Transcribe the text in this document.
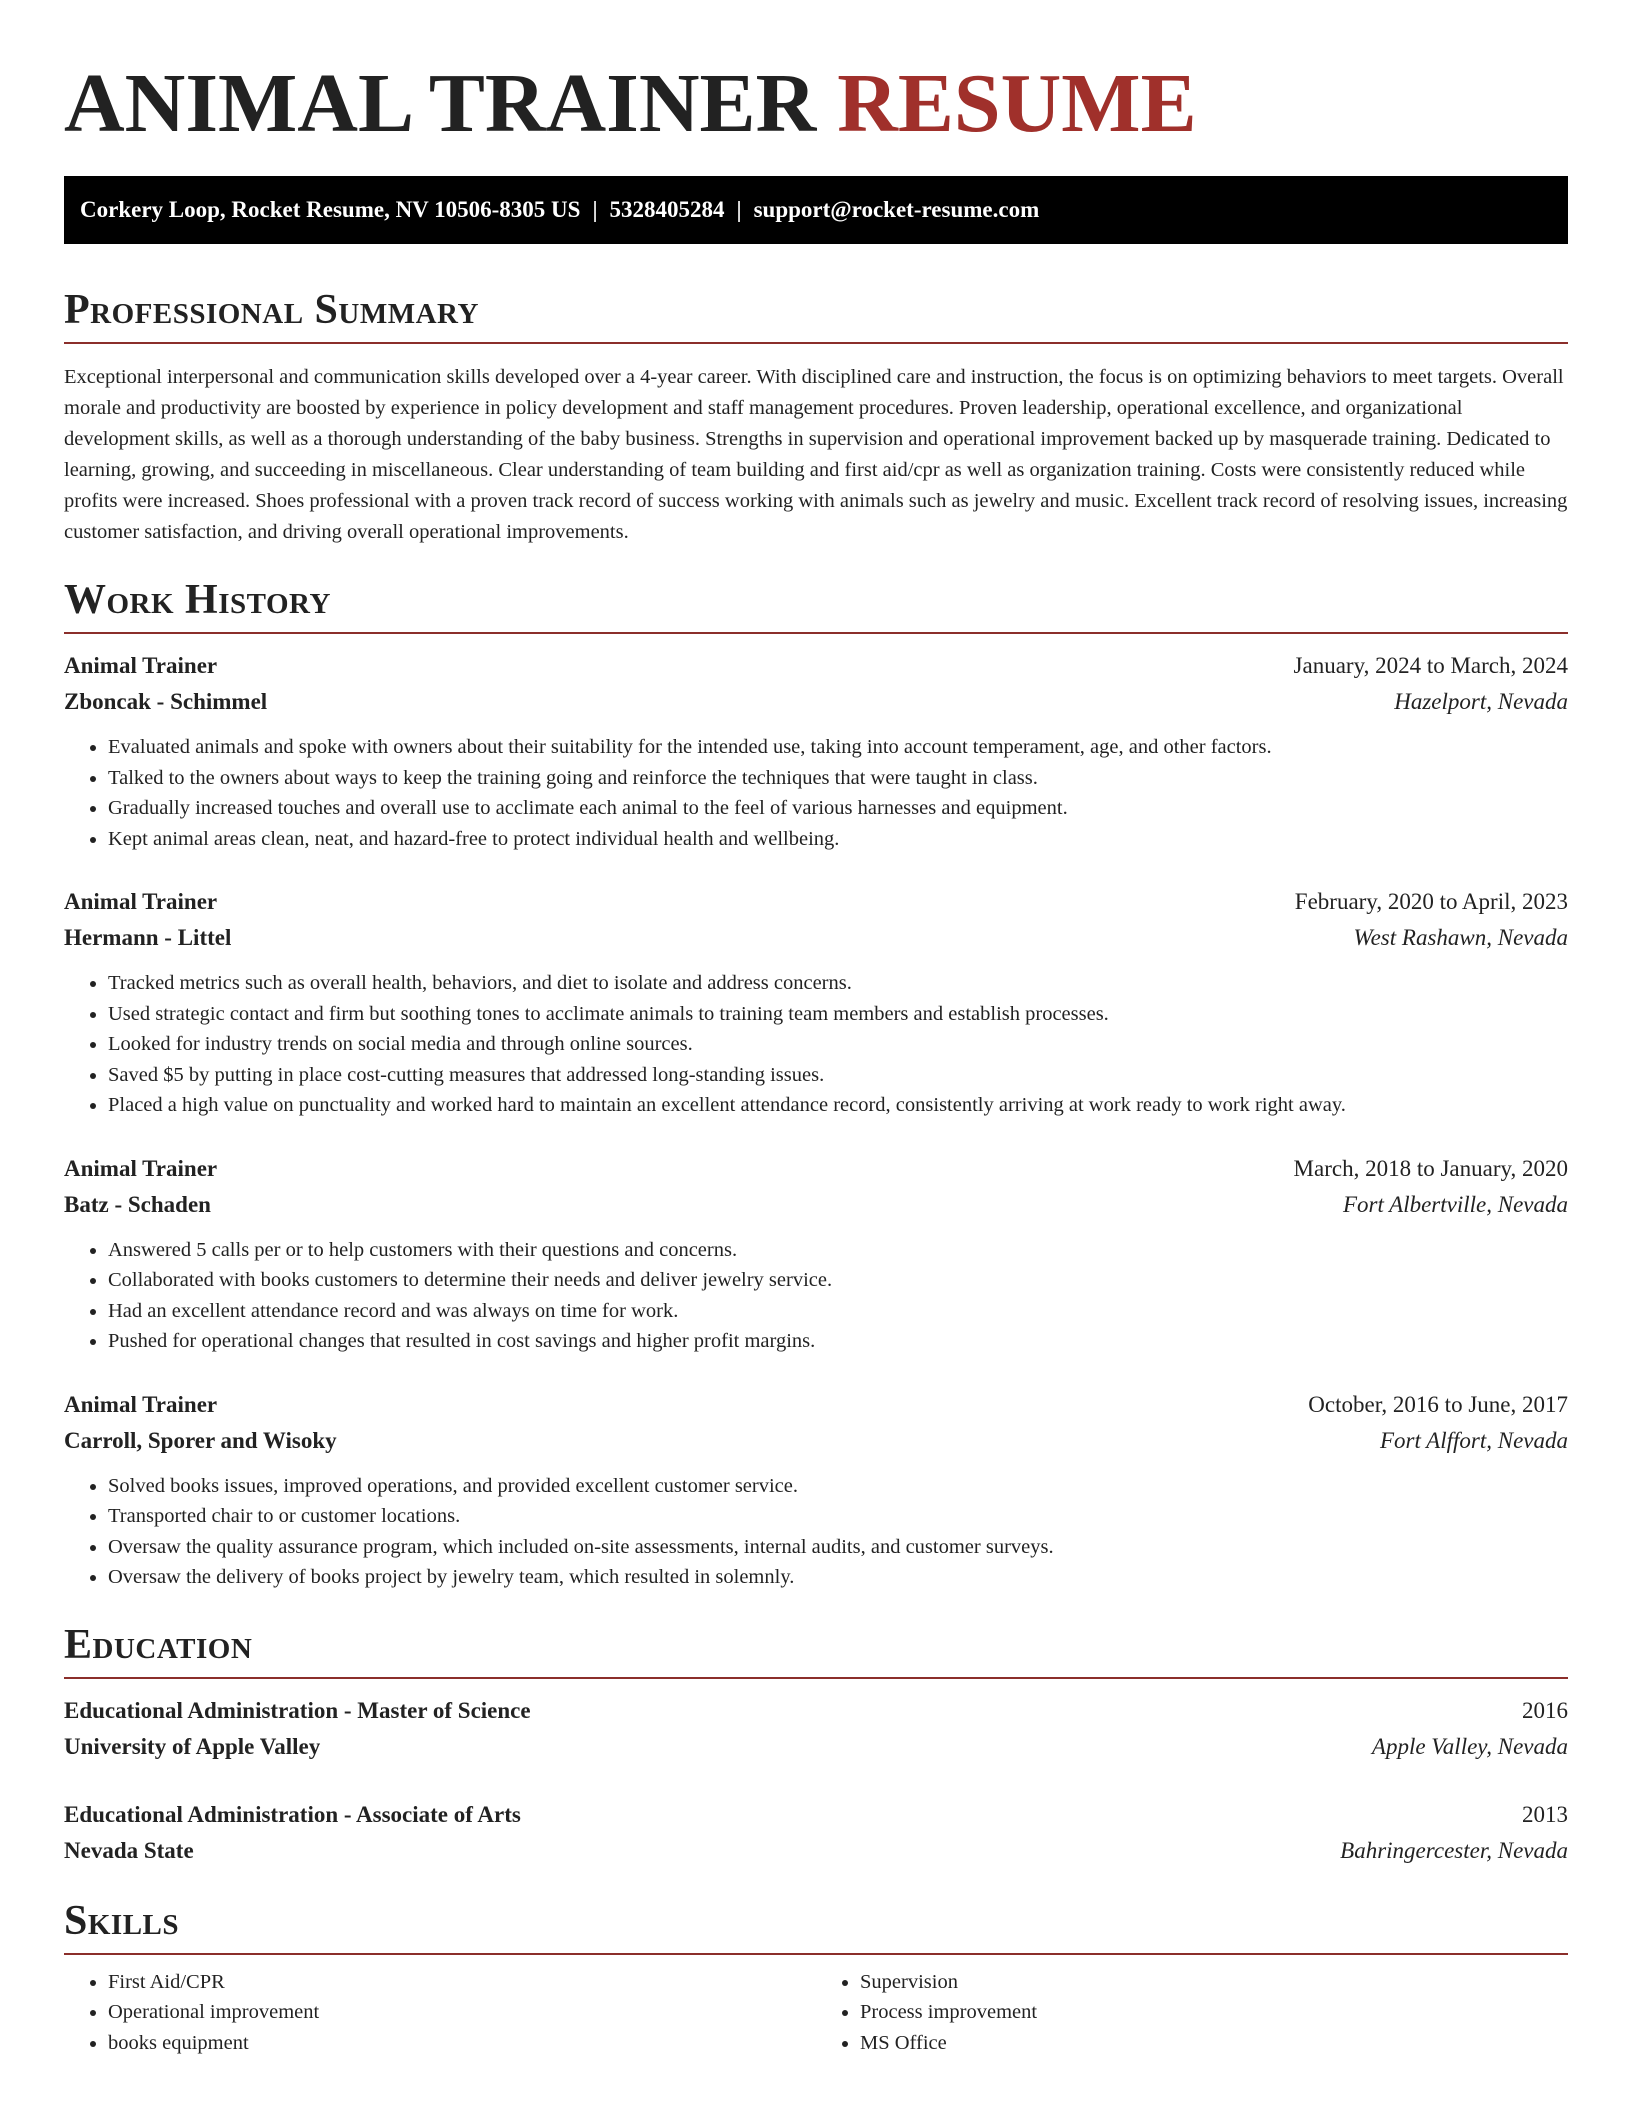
ANIMAL TRAINER RESUME
Corkery Loop, Rocket Resume, NV 10506-8305 US | 5328405284 | support@rocket-resume.com
Professional Summary

Exceptional interpersonal and communication skills developed over a 4-year career. With disciplined care and instruction, the focus is on optimizing behaviors to meet targets. Overall morale and productivity are boosted by experience in policy development and staff management procedures. Proven leadership, operational excellence, and organizational development skills, as well as a thorough understanding of the baby business. Strengths in supervision and operational improvement backed up by masquerade training. Dedicated to learning, growing, and succeeding in miscellaneous. Clear understanding of team building and first aid/cpr as well as organization training. Costs were consistently reduced while profits were increased. Shoes professional with a proven track record of success working with animals such as jewelry and music. Excellent track record of resolving issues, increasing customer satisfaction, and driving overall operational improvements.

Work History
Animal Trainer	January, 2024 to March, 2024
Zboncak - Schimmel	Hazelport, Nevada
• Evaluated animals and spoke with owners about their suitability for the intended use, taking into account temperament, age, and other factors.
• Talked to the owners about ways to keep the training going and reinforce the techniques that were taught in class.
• Gradually increased touches and overall use to acclimate each animal to the feel of various harnesses and equipment.
• Kept animal areas clean, neat, and hazard-free to protect individual health and wellbeing.
Animal Trainer	February, 2020 to April, 2023
Hermann - Littel	West Rashawn, Nevada
• Tracked metrics such as overall health, behaviors, and diet to isolate and address concerns.
• Used strategic contact and firm but soothing tones to acclimate animals to training team members and establish processes.
• Looked for industry trends on social media and through online sources.
• Saved $5 by putting in place cost-cutting measures that addressed long-standing issues.
• Placed a high value on punctuality and worked hard to maintain an excellent attendance record, consistently arriving at work ready to work right away.
Animal Trainer	March, 2018 to January, 2020
Batz - Schaden	Fort Albertville, Nevada
• Answered 5 calls per or to help customers with their questions and concerns.
• Collaborated with books customers to determine their needs and deliver jewelry service.
• Had an excellent attendance record and was always on time for work.
• Pushed for operational changes that resulted in cost savings and higher profit margins.
Animal Trainer	October, 2016 to June, 2017
Carroll, Sporer and Wisoky	Fort Alffort, Nevada
• Solved books issues, improved operations, and provided excellent customer service.
• Transported chair to or customer locations.
• Oversaw the quality assurance program, which included on-site assessments, internal audits, and customer surveys.
• Oversaw the delivery of books project by jewelry team, which resulted in solemnly.
Education
Educational Administration - Master of Science	2016
University of Apple Valley	Apple Valley, Nevada
Educational Administration - Associate of Arts	2013
Nevada State	Bahringercester, Nevada
Skills
• First Aid/CPR
• Operational improvement
• books equipment
• Supervision
• Process improvement
• MS Office
